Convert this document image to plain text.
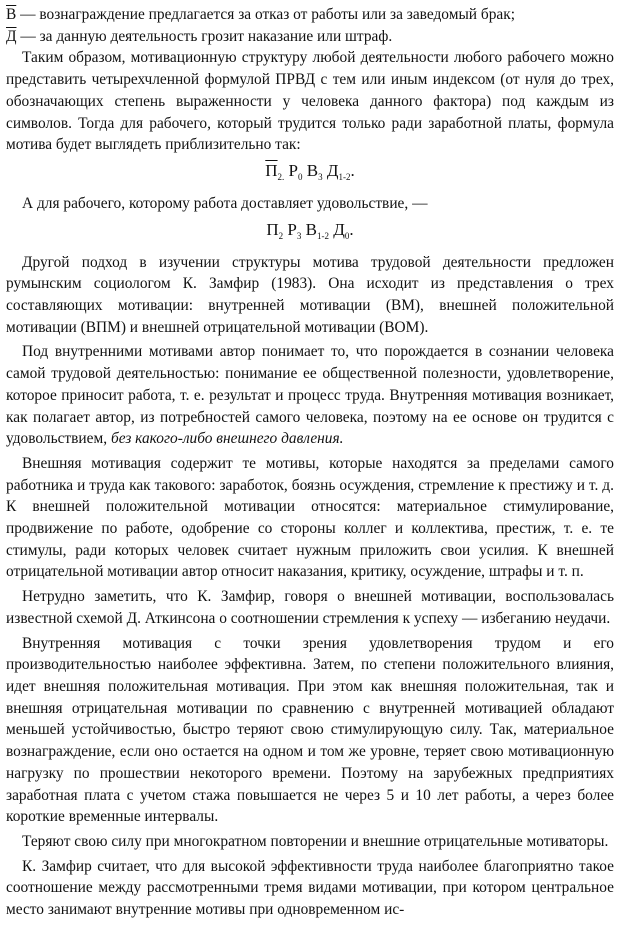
В — вознаграждение предлагается за отказ от работы или за заведомый брак;
Д — за данную деятельность грозит наказание или штраф.

Таким образом, мотивационную структуру любой деятельности любого рабочего можно представить четырехчленной формулой ПРВД с тем или иным индексом (от нуля до трех, обозначающих степень выраженности у человека данного фактора) под каждым из символов. Тогда для рабочего, который трудится только ради заработной платы, формула мотива будет выглядеть приблизительно так:

$П_{2.}$ $Р_0$ $В_3$ $Д_{1-2}$.

А для рабочего, которому работа доставляет удовольствие, —

$П_2$ $Р_3$ $В_{1-2}$ $Д_0$.

Другой подход в изучении структуры мотива трудовой деятельности предложен румынским социологом К. Замфир (1983). Она исходит из представления о трех составляющих мотивации: внутренней мотивации (ВМ), внешней положительной мотивации (ВПМ) и внешней отрицательной мотивации (ВОМ).

Под внутренними мотивами автор понимает то, что порождается в сознании человека самой трудовой деятельностью: понимание ее общественной полезности, удовлетворение, которое приносит работа, т. е. результат и процесс труда. Внутренняя мотивация возникает, как полагает автор, из потребностей самого человека, поэтому на ее основе он трудится с удовольствием, без какого-либо внешнего давления.

Внешняя мотивация содержит те мотивы, которые находятся за пределами самого работника и труда как такового: заработок, боязнь осуждения, стремление к престижу и т. д. К внешней положительной мотивации относятся: материальное стимулирование, продвижение по работе, одобрение со стороны коллег и коллектива, престиж, т. е. те стимулы, ради которых человек считает нужным приложить свои усилия. К внешней отрицательной мотивации автор относит наказания, критику, осуждение, штрафы и т. п.

Нетрудно заметить, что К. Замфир, говоря о внешней мотивации, воспользовалась известной схемой Д. Аткинсона о соотношении стремления к успеху — избеганию неудачи.

Внутренняя мотивация с точки зрения удовлетворения трудом и его производительностью наиболее эффективна. Затем, по степени положительного влияния, идет внешняя положительная мотивация. При этом как внешняя положительная, так и внешняя отрицательная мотивации по сравнению с внутренней мотивацией обладают меньшей устойчивостью, быстро теряют свою стимулирующую силу. Так, материальное вознаграждение, если оно остается на одном и том же уровне, теряет свою мотивационную нагрузку по прошествии некоторого времени. Поэтому на зарубежных предприятиях заработная плата с учетом стажа повышается не через 5 и 10 лет работы, а через более короткие временные интервалы.

Теряют свою силу при многократном повторении и внешние отрицательные мотиваторы.

К. Замфир считает, что для высокой эффективности труда наиболее благоприятно такое соотношение между рассмотренными тремя видами мотивации, при котором центральное место занимают внутренние мотивы при одновременном ис-
